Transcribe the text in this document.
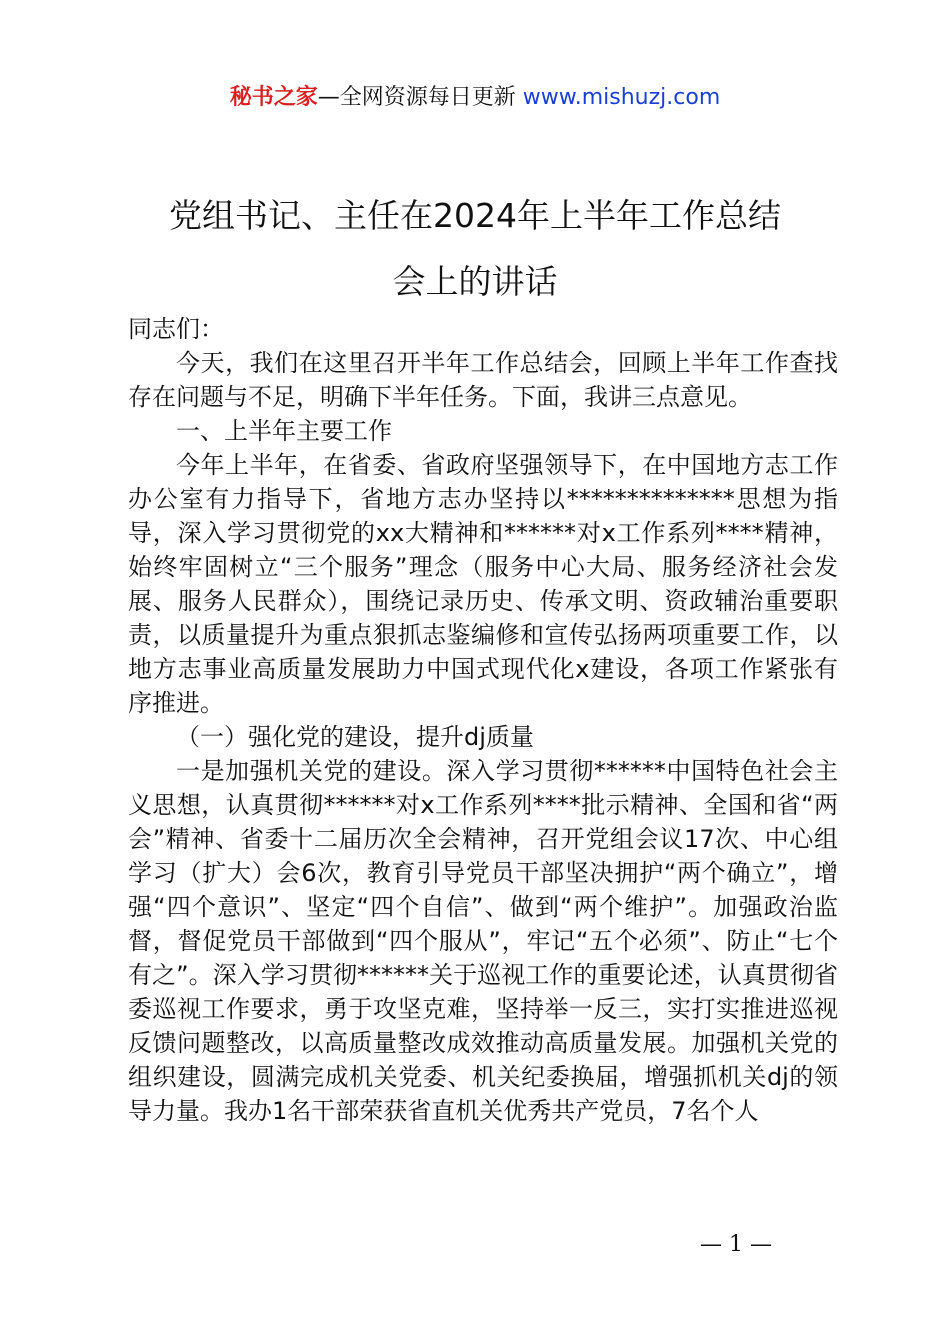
秘书之家—全网资源每日更新 www.mishuzj.com
党组书记、主任在2024年上半年工作总结
会上的讲话

同志们：

今天，我们在这里召开半年工作总结会，回顾上半年工作查找存在问题与不足，明确下半年任务。下面，我讲三点意见。

一、上半年主要工作

今年上半年，在省委、省政府坚强领导下，在中国地方志工作办公室有力指导下，省地方志办坚持以**************思想为指导，深入学习贯彻党的xx大精神和******对x工作系列****精神，始终牢固树立“三个服务”理念（服务中心大局、服务经济社会发展、服务人民群众），围绕记录历史、传承文明、资政辅治重要职责，以质量提升为重点狠抓志鉴编修和宣传弘扬两项重要工作，以地方志事业高质量发展助力中国式现代化x建设，各项工作紧张有序推进。

（一）强化党的建设，提升dj质量

一是加强机关党的建设。深入学习贯彻******中国特色社会主义思想，认真贯彻******对x工作系列****批示精神、全国和省“两会”精神、省委十二届历次全会精神，召开党组会议17次、中心组学习（扩大）会6次，教育引导党员干部坚决拥护“两个确立”，增强“四个意识”、坚定“四个自信”、做到“两个维护”。加强政治监督，督促党员干部做到“四个服从”，牢记“五个必须”、防止“七个有之”。深入学习贯彻******关于巡视工作的重要论述，认真贯彻省委巡视工作要求，勇于攻坚克难，坚持举一反三，实打实推进巡视反馈问题整改，以高质量整改成效推动高质量发展。加强机关党的组织建设，圆满完成机关党委、机关纪委换届，增强抓机关dj的领导力量。我办1名干部荣获省直机关优秀共产党员，7名个人

— 1 —
